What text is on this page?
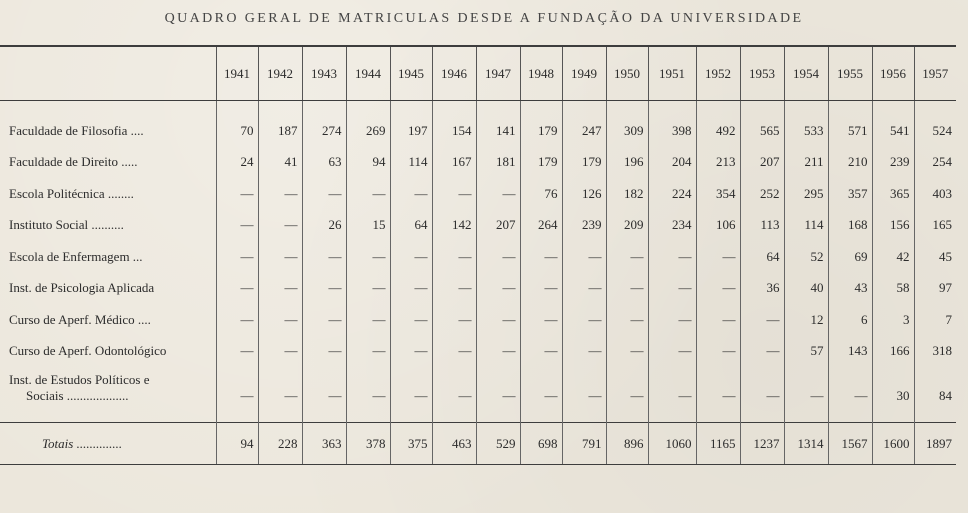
QUADRO GERAL DE MATRICULAS DESDE A FUNDAÇÃO DA UNIVERSIDADE
	1941	1942	1943	1944	1945	1946	1947	1948	1949	1950	1951	1952	1953	1954	1955	1956	1957

Faculdade de Filosofia ....	70	187	274	269	197	154	141	179	247	309	398	492	565	533	571	541	524
Faculdade de Direito .....	24	41	63	94	114	167	181	179	179	196	204	213	207	211	210	239	254
Escola Politécnica ........	—	—	—	—	—	—	—	76	126	182	224	354	252	295	357	365	403
Instituto Social ..........	—	—	26	15	64	142	207	264	239	209	234	106	113	114	168	156	165
Escola de Enfermagem ...	—	—	—	—	—	—	—	—	—	—	—	—	64	52	69	42	45
Inst. de Psicologia Aplicada	—	—	—	—	—	—	—	—	—	—	—	—	36	40	43	58	97
Curso de Aperf. Médico ....	—	—	—	—	—	—	—	—	—	—	—	—	—	12	6	3	7
Curso de Aperf. Odontológico	—	—	—	—	—	—	—	—	—	—	—	—	—	57	143	166	318

Inst. de Estudos Políticos e
Sociais ...................	—	—	—	—	—	—	—	—	—	—	—	—	—	—	—	30	84

Totais ..............	94	228	363	378	375	463	529	698	791	896	1060	1165	1237	1314	1567	1600	1897
